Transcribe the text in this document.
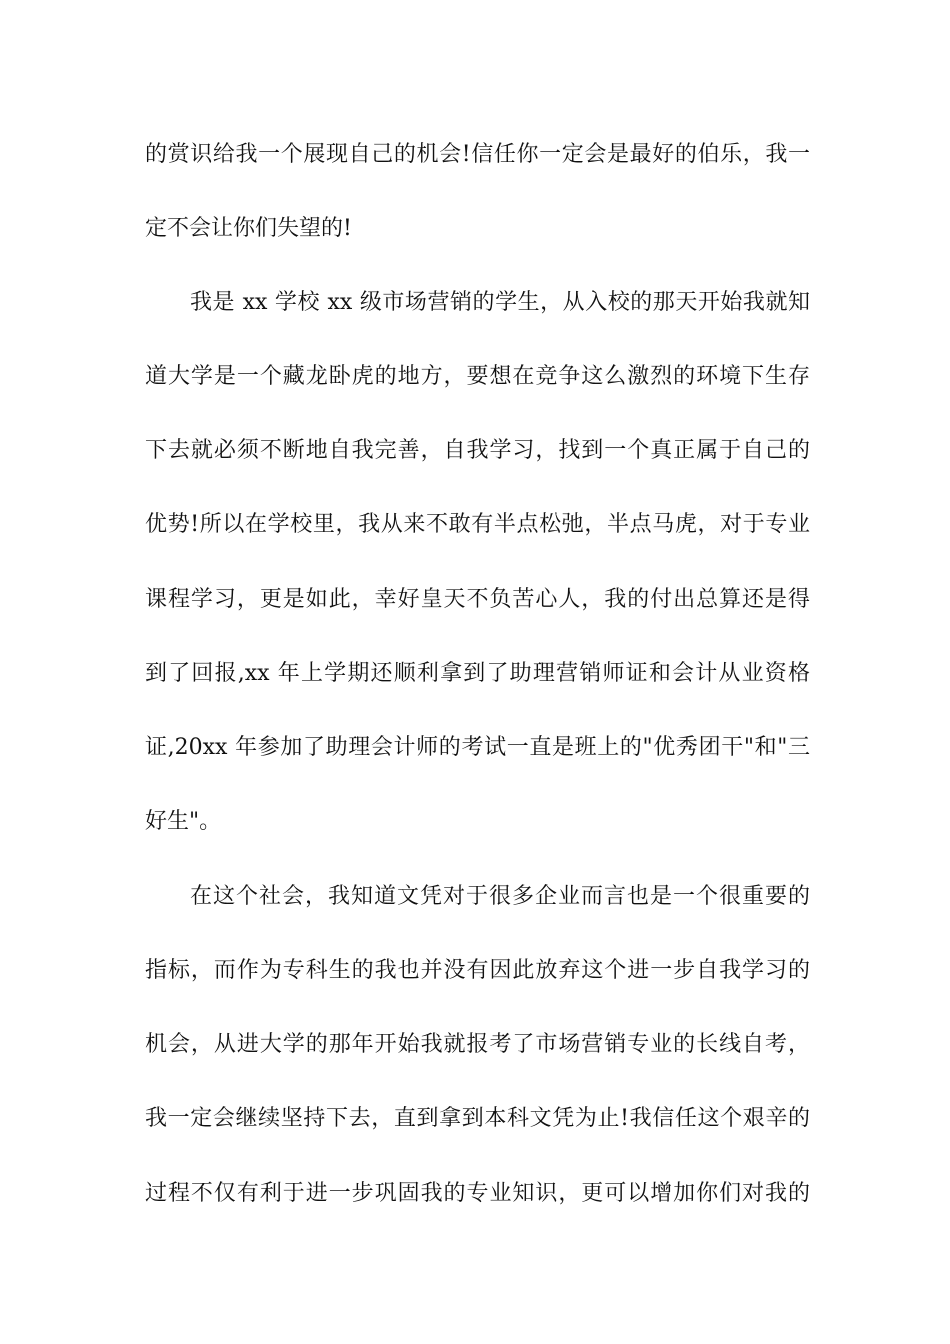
的赏识给我一个展现自己的机会!信任你一定会是最好的伯乐，我一
定不会让你们失望的!
我是 xx 学校 xx 级市场营销的学生，从入校的那天开始我就知
道大学是一个藏龙卧虎的地方，要想在竞争这么激烈的环境下生存
下去就必须不断地自我完善，自我学习，找到一个真正属于自己的
优势!所以在学校里，我从来不敢有半点松弛，半点马虎，对于专业
课程学习，更是如此，幸好皇天不负苦心人，我的付出总算还是得
到了回报,xx 年上学期还顺利拿到了助理营销师证和会计从业资格
证,20xx 年参加了助理会计师的考试一直是班上的"优秀团干"和"三
好生"。
在这个社会，我知道文凭对于很多企业而言也是一个很重要的
指标，而作为专科生的我也并没有因此放弃这个进一步自我学习的
机会，从进大学的那年开始我就报考了市场营销专业的长线自考，
我一定会继续坚持下去，直到拿到本科文凭为止!我信任这个艰辛的
过程不仅有利于进一步巩固我的专业知识，更可以增加你们对我的
